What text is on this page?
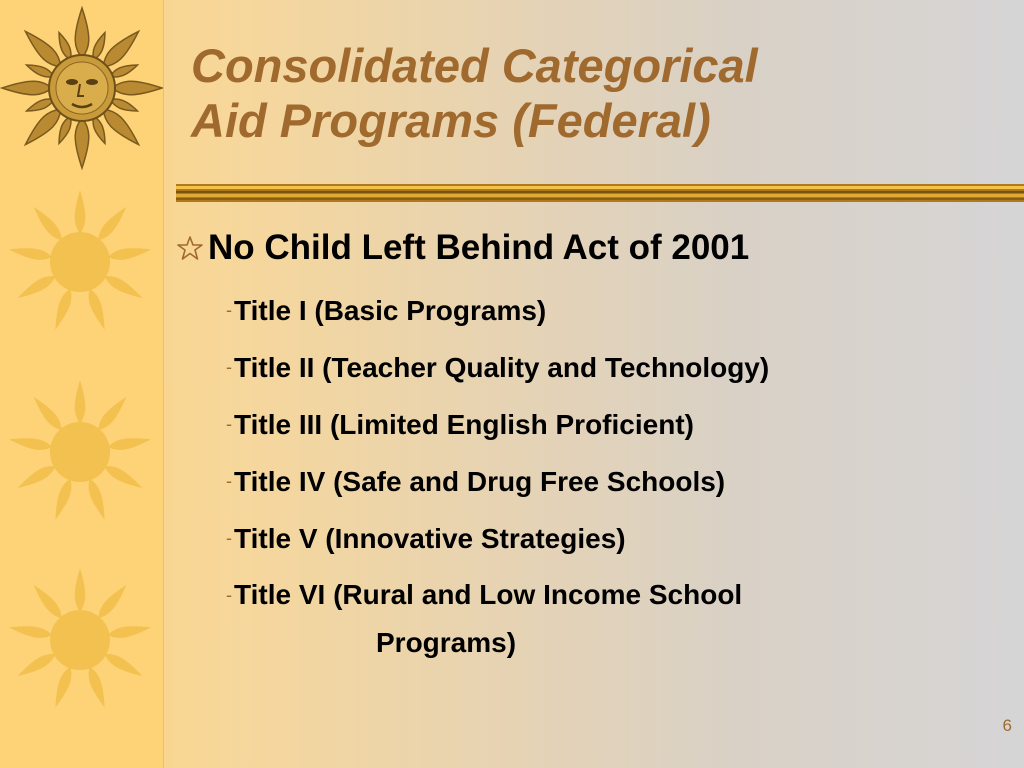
Consolidated Categorical
Aid Programs (Federal)
No Child Left Behind Act of 2001
- Title I (Basic Programs)
- Title II (Teacher Quality and Technology)
- Title III (Limited English Proficient)
- Title IV (Safe and Drug Free Schools)
- Title V (Innovative Strategies)
- Title VI (Rural and Low Income School
Programs)
6
